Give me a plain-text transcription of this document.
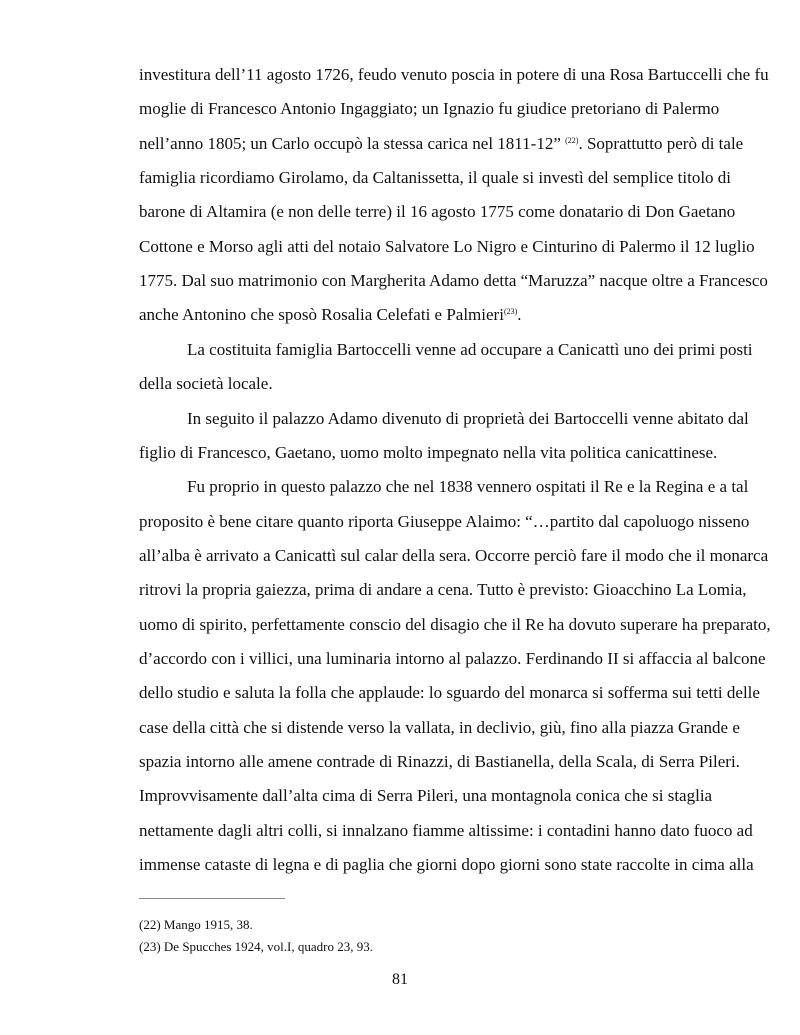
investitura dell’11 agosto 1726, feudo venuto poscia in potere di una Rosa Bartuccelli che fu
moglie di Francesco Antonio Ingaggiato; un Ignazio fu giudice pretoriano di Palermo
nell’anno 1805; un Carlo occupò la stessa carica nel 1811-12” $^{(22)}$. Soprattutto però di tale
famiglia ricordiamo Girolamo, da Caltanissetta, il quale si investì del semplice titolo di
barone di Altamira (e non delle terre) il 16 agosto 1775 come donatario di Don Gaetano
Cottone e Morso agli atti del notaio Salvatore Lo Nigro e Cinturino di Palermo il 12 luglio
1775. Dal suo matrimonio con Margherita Adamo detta “Maruzza” nacque oltre a Francesco
anche Antonino che sposò Rosalia Celefati e Palmieri$^{(23)}$.
La costituita famiglia Bartoccelli venne ad occupare a Canicattì uno dei primi posti
della società locale.
In seguito il palazzo Adamo divenuto di proprietà dei Bartoccelli venne abitato dal
figlio di Francesco, Gaetano, uomo molto impegnato nella vita politica canicattinese.
Fu proprio in questo palazzo che nel 1838 vennero ospitati il Re e la Regina e a tal
proposito è bene citare quanto riporta Giuseppe Alaimo: “…partito dal capoluogo nisseno
all’alba è arrivato a Canicattì sul calar della sera. Occorre perciò fare il modo che il monarca
ritrovi la propria gaiezza, prima di andare a cena. Tutto è previsto: Gioacchino La Lomia,
uomo di spirito, perfettamente conscio del disagio che il Re ha dovuto superare ha preparato,
d’accordo con i villici, una luminaria intorno al palazzo. Ferdinando II si affaccia al balcone
dello studio e saluta la folla che applaude: lo sguardo del monarca si sofferma sui tetti delle
case della città che si distende verso la vallata, in declivio, giù, fino alla piazza Grande e
spazia intorno alle amene contrade di Rinazzi, di Bastianella, della Scala, di Serra Pileri.
Improvvisamente dall’alta cima di Serra Pileri, una montagnola conica che si staglia
nettamente dagli altri colli, si innalzano fiamme altissime: i contadini hanno dato fuoco ad
immense cataste di legna e di paglia che giorni dopo giorni sono state raccolte in cima alla
(22) Mango 1915, 38.
(23) De Spucches 1924, vol.I, quadro 23, 93.
81
